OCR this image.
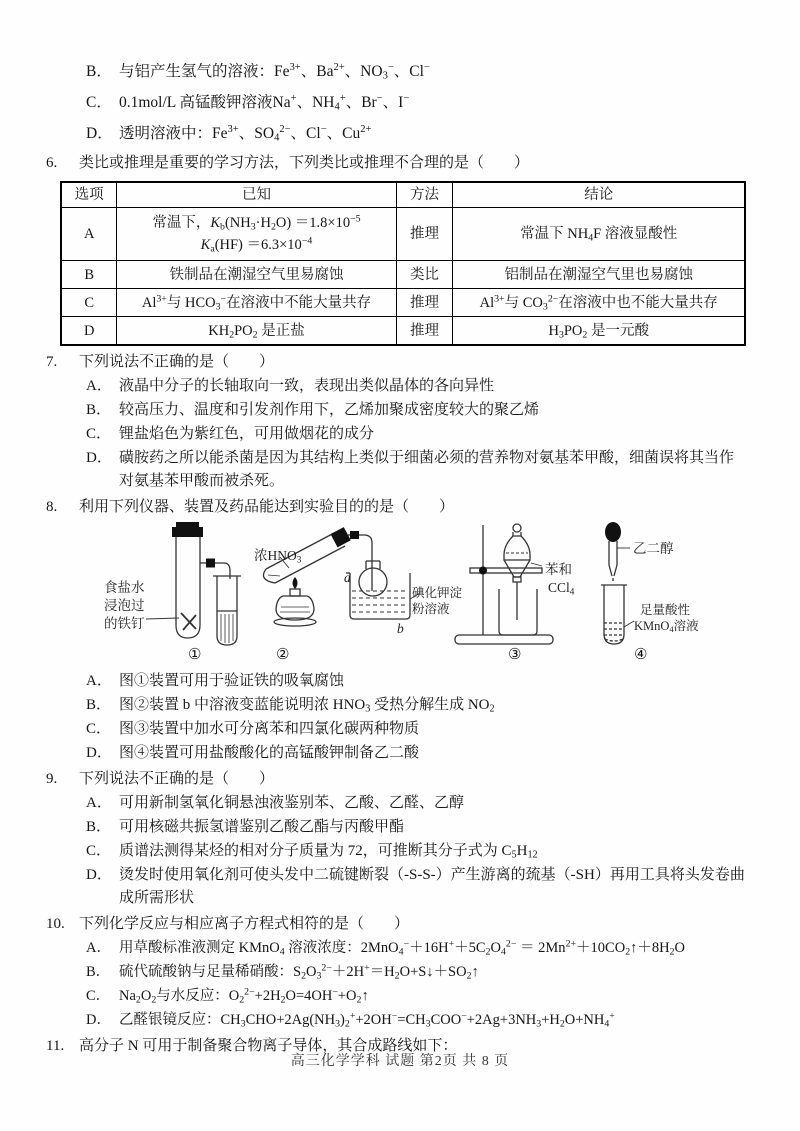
B． 与铝产生氢气的溶液：$Fe^{3+}$、$Ba^{2+}$、$NO_3^-$、Cl−
C． 0.1mol/L 高锰酸钾溶液Na+、$NH_4^+$、Br−、I−
D． 透明溶液中：$Fe^{3+}$、$SO_4^{2-}$、Cl−、$Cu^{2+}$
6. 类比或推理是重要的学习方法，下列类比或推理不合理的是（　　）
选项	已知	方法	结论
A	常温下，$K_b(NH_3\cdot H_2O) =1.8\times 10^{-5}$
$K_a(HF) =6.3\times 10^{-4}$	推理	常温下 $NH_4F$ 溶液显酸性
B	铁制品在潮湿空气里易腐蚀	类比	铝制品在潮湿空气里也易腐蚀
C	$Al^{3+}$与 $HCO_3^-$在溶液中不能大量共存	推理	$Al^{3+}$与 $CO_3^{2-}$在溶液中也不能大量共存
D	$KH_2PO_2$ 是正盐	推理	$H_3PO_2$ 是一元酸
7. 下列说法不正确的是（　　）
A． 液晶中分子的长轴取向一致，表现出类似晶体的各向异性
B． 较高压力、温度和引发剂作用下，乙烯加聚成密度较大的聚乙烯
C． 锂盐焰色为紫红色，可用做烟花的成分
D． 磺胺药之所以能杀菌是因为其结构上类似于细菌必须的营养物对氨基苯甲酸，细菌误将其当作对氨基苯甲酸而被杀死。
8. 利用下列仪器、装置及药品能达到实验目的的是（　　）
食盐水
浸泡过
的铁钉
浓$HNO_3$
a
碘化钾淀
粉溶液
b
苯和
CCl$_4$
乙二醇
足量酸性
KMnO$_4$溶液
①	②	③	④
A． 图①装置可用于验证铁的吸氧腐蚀
B． 图②装置 b 中溶液变蓝能说明浓 $HNO_3$ 受热分解生成 $NO_2$
C． 图③装置中加水可分离苯和四氯化碳两种物质
D． 图④装置可用盐酸酸化的高锰酸钾制备乙二酸
9. 下列说法不正确的是（　　）
A． 可用新制氢氧化铜悬浊液鉴别苯、乙酸、乙醛、乙醇
B． 可用核磁共振氢谱鉴别乙酸乙酯与丙酸甲酯
C． 质谱法测得某烃的相对分子质量为 72，可推断其分子式为 $C_5H_{12}$
D． 烫发时使用氧化剂可使头发中二硫键断裂（-S-S-）产生游离的巯基（-SH）再用工具将头发卷曲成所需形状
10. 下列化学反应与相应离子方程式相符的是（　　）
A． 用草酸标准液测定 KMnO$_4$ 溶液浓度：$2MnO_4^-+16H^++5C_2O_4^{2-}$ ＝ $2Mn^{2+}+10CO_2↑+8H_2O$
B． 硫代硫酸钠与足量稀硝酸：$S_2O_3^{2-}+2H^+=H_2O+S↓+SO_2↑$
C． $Na_2O_2$与水反应：$O_2^{2-}+2H_2O=4OH^-+O_2↑$
D． 乙醛银镜反应：$CH_3CHO+2Ag(NH_3)_2^++2OH^-=CH_3COO^-+2Ag+3NH_3+H_2O+NH_4^+$
11. 高分子 N 可用于制备聚合物离子导体，其合成路线如下：
高三化学学科 试题 第2页 共 8 页
